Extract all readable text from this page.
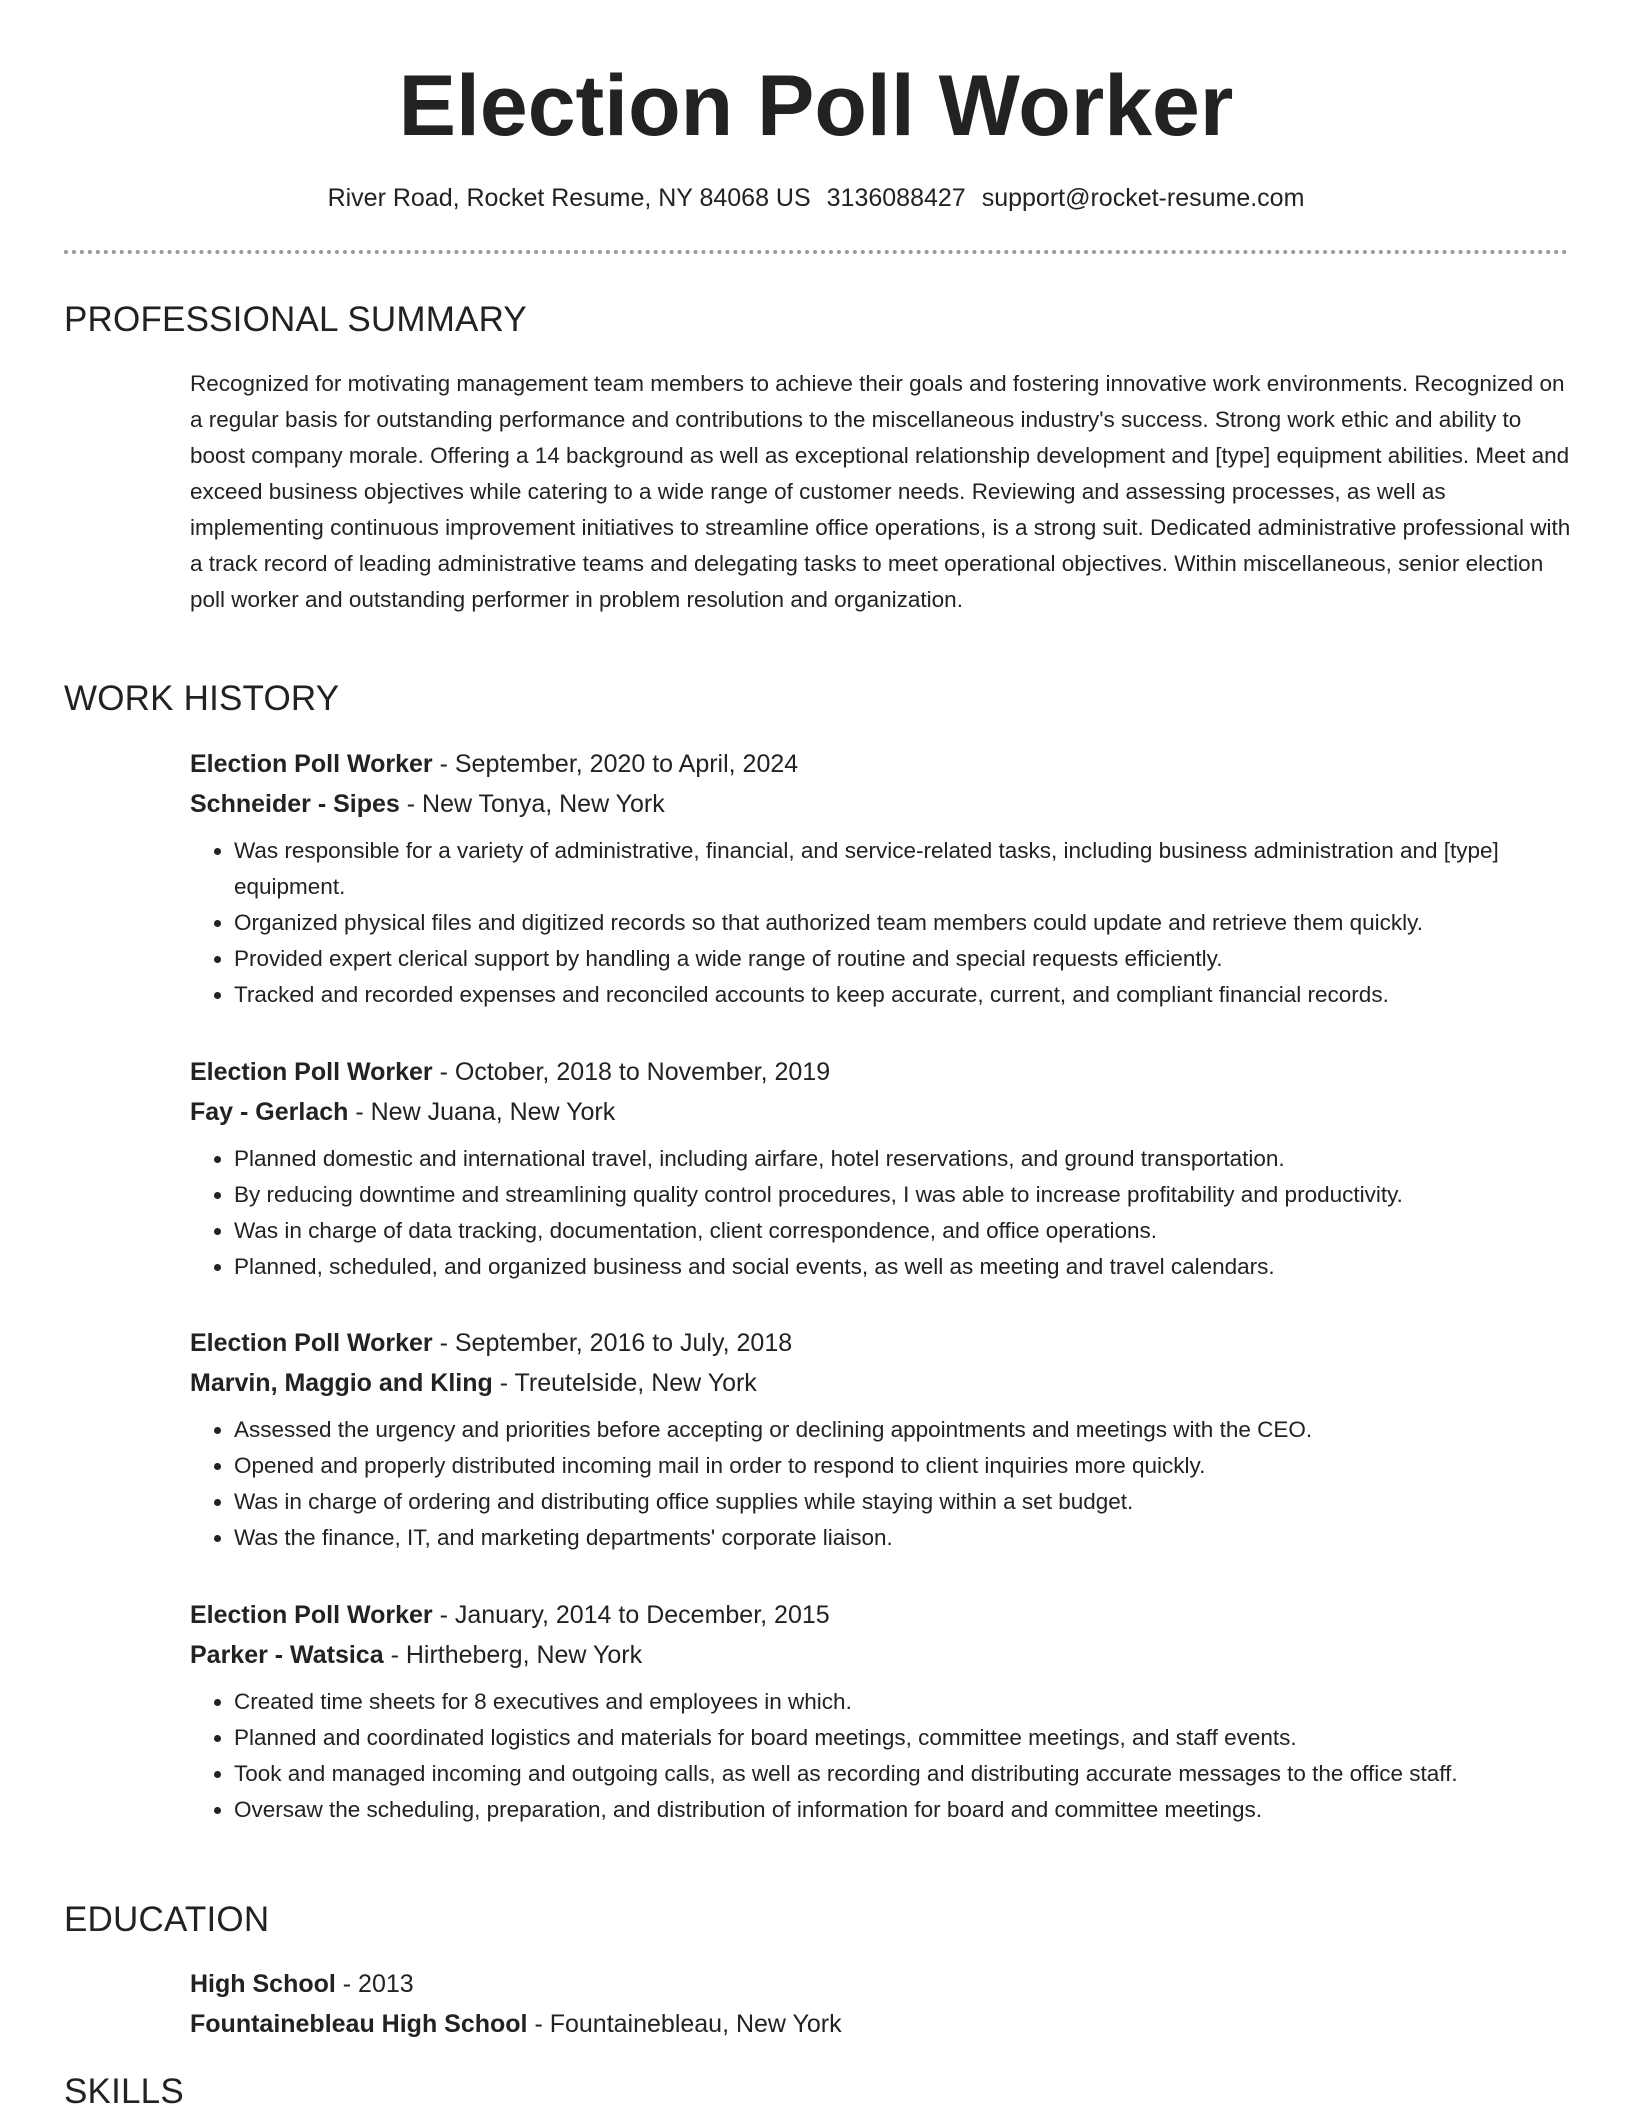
Election Poll Worker
River Road, Rocket Resume, NY 84068 US 3136088427 support@rocket-resume.com
PROFESSIONAL SUMMARY

Recognized for motivating management team members to achieve their goals and fostering innovative work environments. Recognized on a regular basis for outstanding performance and contributions to the miscellaneous industry's success. Strong work ethic and ability to boost company morale. Offering a 14 background as well as exceptional relationship development and [type] equipment abilities. Meet and exceed business objectives while catering to a wide range of customer needs. Reviewing and assessing processes, as well as implementing continuous improvement initiatives to streamline office operations, is a strong suit. Dedicated administrative professional with a track record of leading administrative teams and delegating tasks to meet operational objectives. Within miscellaneous, senior election poll worker and outstanding performer in problem resolution and organization.

WORK HISTORY
Election Poll Worker - September, 2020 to April, 2024
Schneider - Sipes - New Tonya, New York
• Was responsible for a variety of administrative, financial, and service-related tasks, including business administration and [type] equipment.
• Organized physical files and digitized records so that authorized team members could update and retrieve them quickly.
• Provided expert clerical support by handling a wide range of routine and special requests efficiently.
• Tracked and recorded expenses and reconciled accounts to keep accurate, current, and compliant financial records.
Election Poll Worker - October, 2018 to November, 2019
Fay - Gerlach - New Juana, New York
• Planned domestic and international travel, including airfare, hotel reservations, and ground transportation.
• By reducing downtime and streamlining quality control procedures, I was able to increase profitability and productivity.
• Was in charge of data tracking, documentation, client correspondence, and office operations.
• Planned, scheduled, and organized business and social events, as well as meeting and travel calendars.
Election Poll Worker - September, 2016 to July, 2018
Marvin, Maggio and Kling - Treutelside, New York
• Assessed the urgency and priorities before accepting or declining appointments and meetings with the CEO.
• Opened and properly distributed incoming mail in order to respond to client inquiries more quickly.
• Was in charge of ordering and distributing office supplies while staying within a set budget.
• Was the finance, IT, and marketing departments' corporate liaison.
Election Poll Worker - January, 2014 to December, 2015
Parker - Watsica - Hirtheberg, New York
• Created time sheets for 8 executives and employees in which.
• Planned and coordinated logistics and materials for board meetings, committee meetings, and staff events.
• Took and managed incoming and outgoing calls, as well as recording and distributing accurate messages to the office staff.
• Oversaw the scheduling, preparation, and distribution of information for board and committee meetings.
EDUCATION
High School - 2013
Fountainebleau High School - Fountainebleau, New York
SKILLS
